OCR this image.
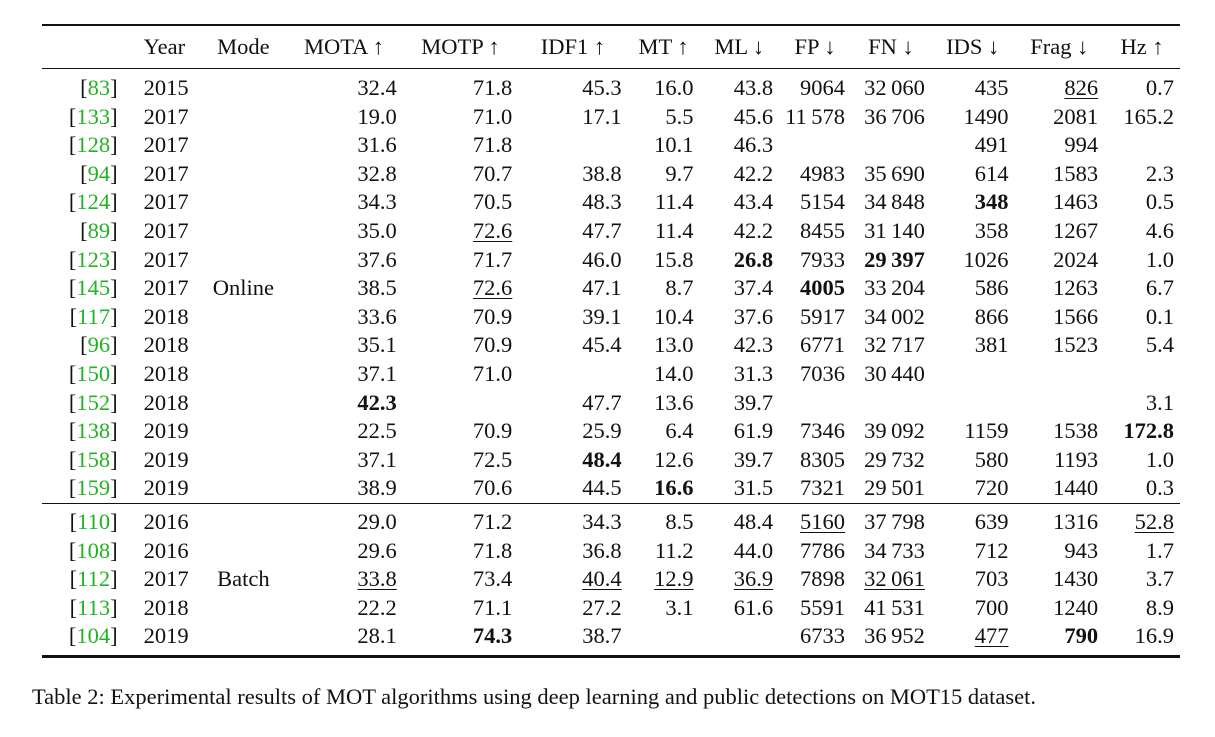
	Year	Mode	MOTA ↑	MOTP ↑	IDF1 ↑	MT ↑	ML ↓	FP ↓	FN ↓	IDS ↓	Frag ↓	Hz ↑
[83]	2015		32.4	71.8	45.3	16.0	43.8	9064	32 060	435	826	0.7
[133]	2017		19.0	71.0	17.1	5.5	45.6	11 578	36 706	1490	2081	165.2
[128]	2017		31.6	71.8		10.1	46.3			491	994	
[94]	2017		32.8	70.7	38.8	9.7	42.2	4983	35 690	614	1583	2.3
[124]	2017		34.3	70.5	48.3	11.4	43.4	5154	34 848	348	1463	0.5
[89]	2017		35.0	72.6	47.7	11.4	42.2	8455	31 140	358	1267	4.6
[123]	2017		37.6	71.7	46.0	15.8	26.8	7933	29 397	1026	2024	1.0
[145]	2017	Online	38.5	72.6	47.1	8.7	37.4	4005	33 204	586	1263	6.7
[117]	2018		33.6	70.9	39.1	10.4	37.6	5917	34 002	866	1566	0.1
[96]	2018		35.1	70.9	45.4	13.0	42.3	6771	32 717	381	1523	5.4
[150]	2018		37.1	71.0		14.0	31.3	7036	30 440			
[152]	2018		42.3		47.7	13.6	39.7					3.1
[138]	2019		22.5	70.9	25.9	6.4	61.9	7346	39 092	1159	1538	172.8
[158]	2019		37.1	72.5	48.4	12.6	39.7	8305	29 732	580	1193	1.0
[159]	2019		38.9	70.6	44.5	16.6	31.5	7321	29 501	720	1440	0.3
[110]	2016		29.0	71.2	34.3	8.5	48.4	5160	37 798	639	1316	52.8
[108]	2016		29.6	71.8	36.8	11.2	44.0	7786	34 733	712	943	1.7
[112]	2017	Batch	33.8	73.4	40.4	12.9	36.9	7898	32 061	703	1430	3.7
[113]	2018		22.2	71.1	27.2	3.1	61.6	5591	41 531	700	1240	8.9
[104]	2019		28.1	74.3	38.7			6733	36 952	477	790	16.9
Table 2: Experimental results of MOT algorithms using deep learning and public detections on MOT15 dataset.
